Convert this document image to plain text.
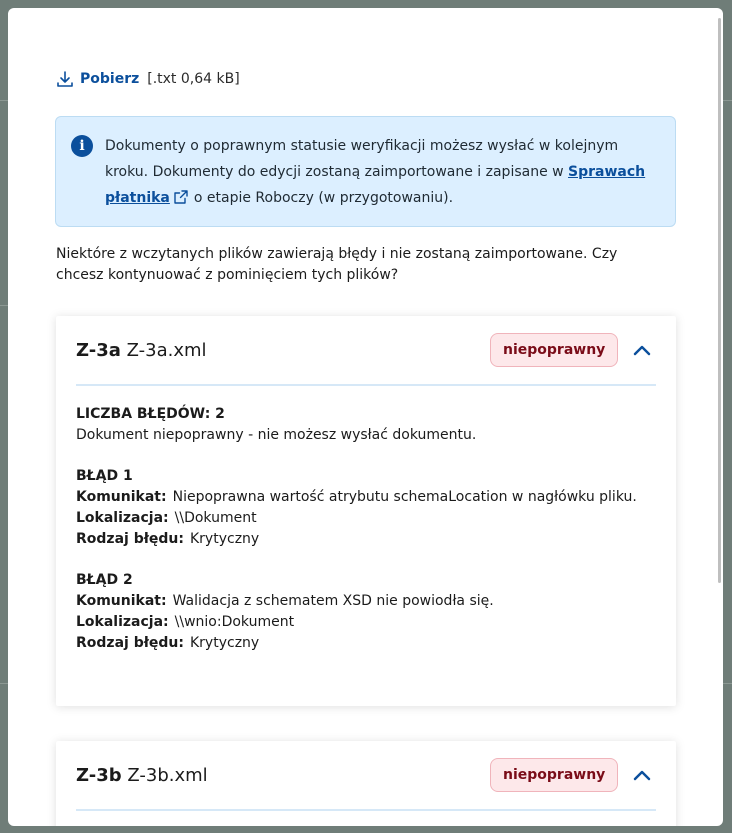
Pobierz [.txt 0,64 kB]
i	Dokumenty o poprawnym statusie weryfikacji możesz wysłać w kolejnym kroku. Dokumenty do edycji zostaną zaimportowane i zapisane w Sprawach płatnika o etapie Roboczy (w przygotowaniu).
Niektóre z wczytanych plików zawierają błędy i nie zostaną zaimportowane. Czy chcesz kontynuować z pominięciem tych plików?
Z-3a Z-3a.xml	niepoprawny
LICZBA BŁĘDÓW: 2
Dokument niepoprawny - nie możesz wysłać dokumentu.
BŁĄD 1
Komunikat: Niepoprawna wartość atrybutu schemaLocation w nagłówku pliku.
Lokalizacja: \\Dokument
Rodzaj błędu: Krytyczny
BŁĄD 2
Komunikat: Walidacja z schematem XSD nie powiodła się.
Lokalizacja: \\wnio:Dokument
Rodzaj błędu: Krytyczny
Z-3b Z-3b.xml	niepoprawny
